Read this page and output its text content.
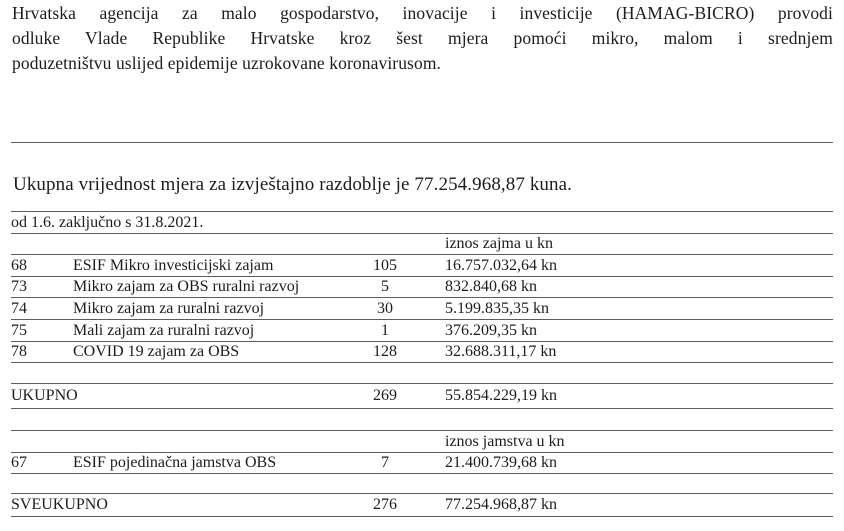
Hrvatska agencija za malo gospodarstvo, inovacije i investicije (HAMAG-BICRO) provodi
odluke Vlade Republike Hrvatske kroz šest mjera pomoći mikro, malom i srednjem
poduzetništvu uslijed epidemije uzrokovane koronavirusom.
Ukupna vrijednost mjera za izvještajno razdoblje je 77.254.968,87 kuna.
od 1.6. zaključno s 31.8.2021.			
			iznos zajma u kn
68	ESIF Mikro investicijski zajam	105	16.757.032,64 kn
73	Mikro zajam za OBS ruralni razvoj	5	832.840,68 kn
74	Mikro zajam za ruralni razvoj	30	5.199.835,35 kn
75	Mali zajam za ruralni razvoj	1	376.209,35 kn
78	COVID 19 zajam za OBS	128	32.688.311,17 kn

UKUPNO		269	55.854.229,19 kn

			iznos jamstva u kn
67	ESIF pojedinačna jamstva OBS	7	21.400.739,68 kn

SVEUKUPNO		276	77.254.968,87 kn
